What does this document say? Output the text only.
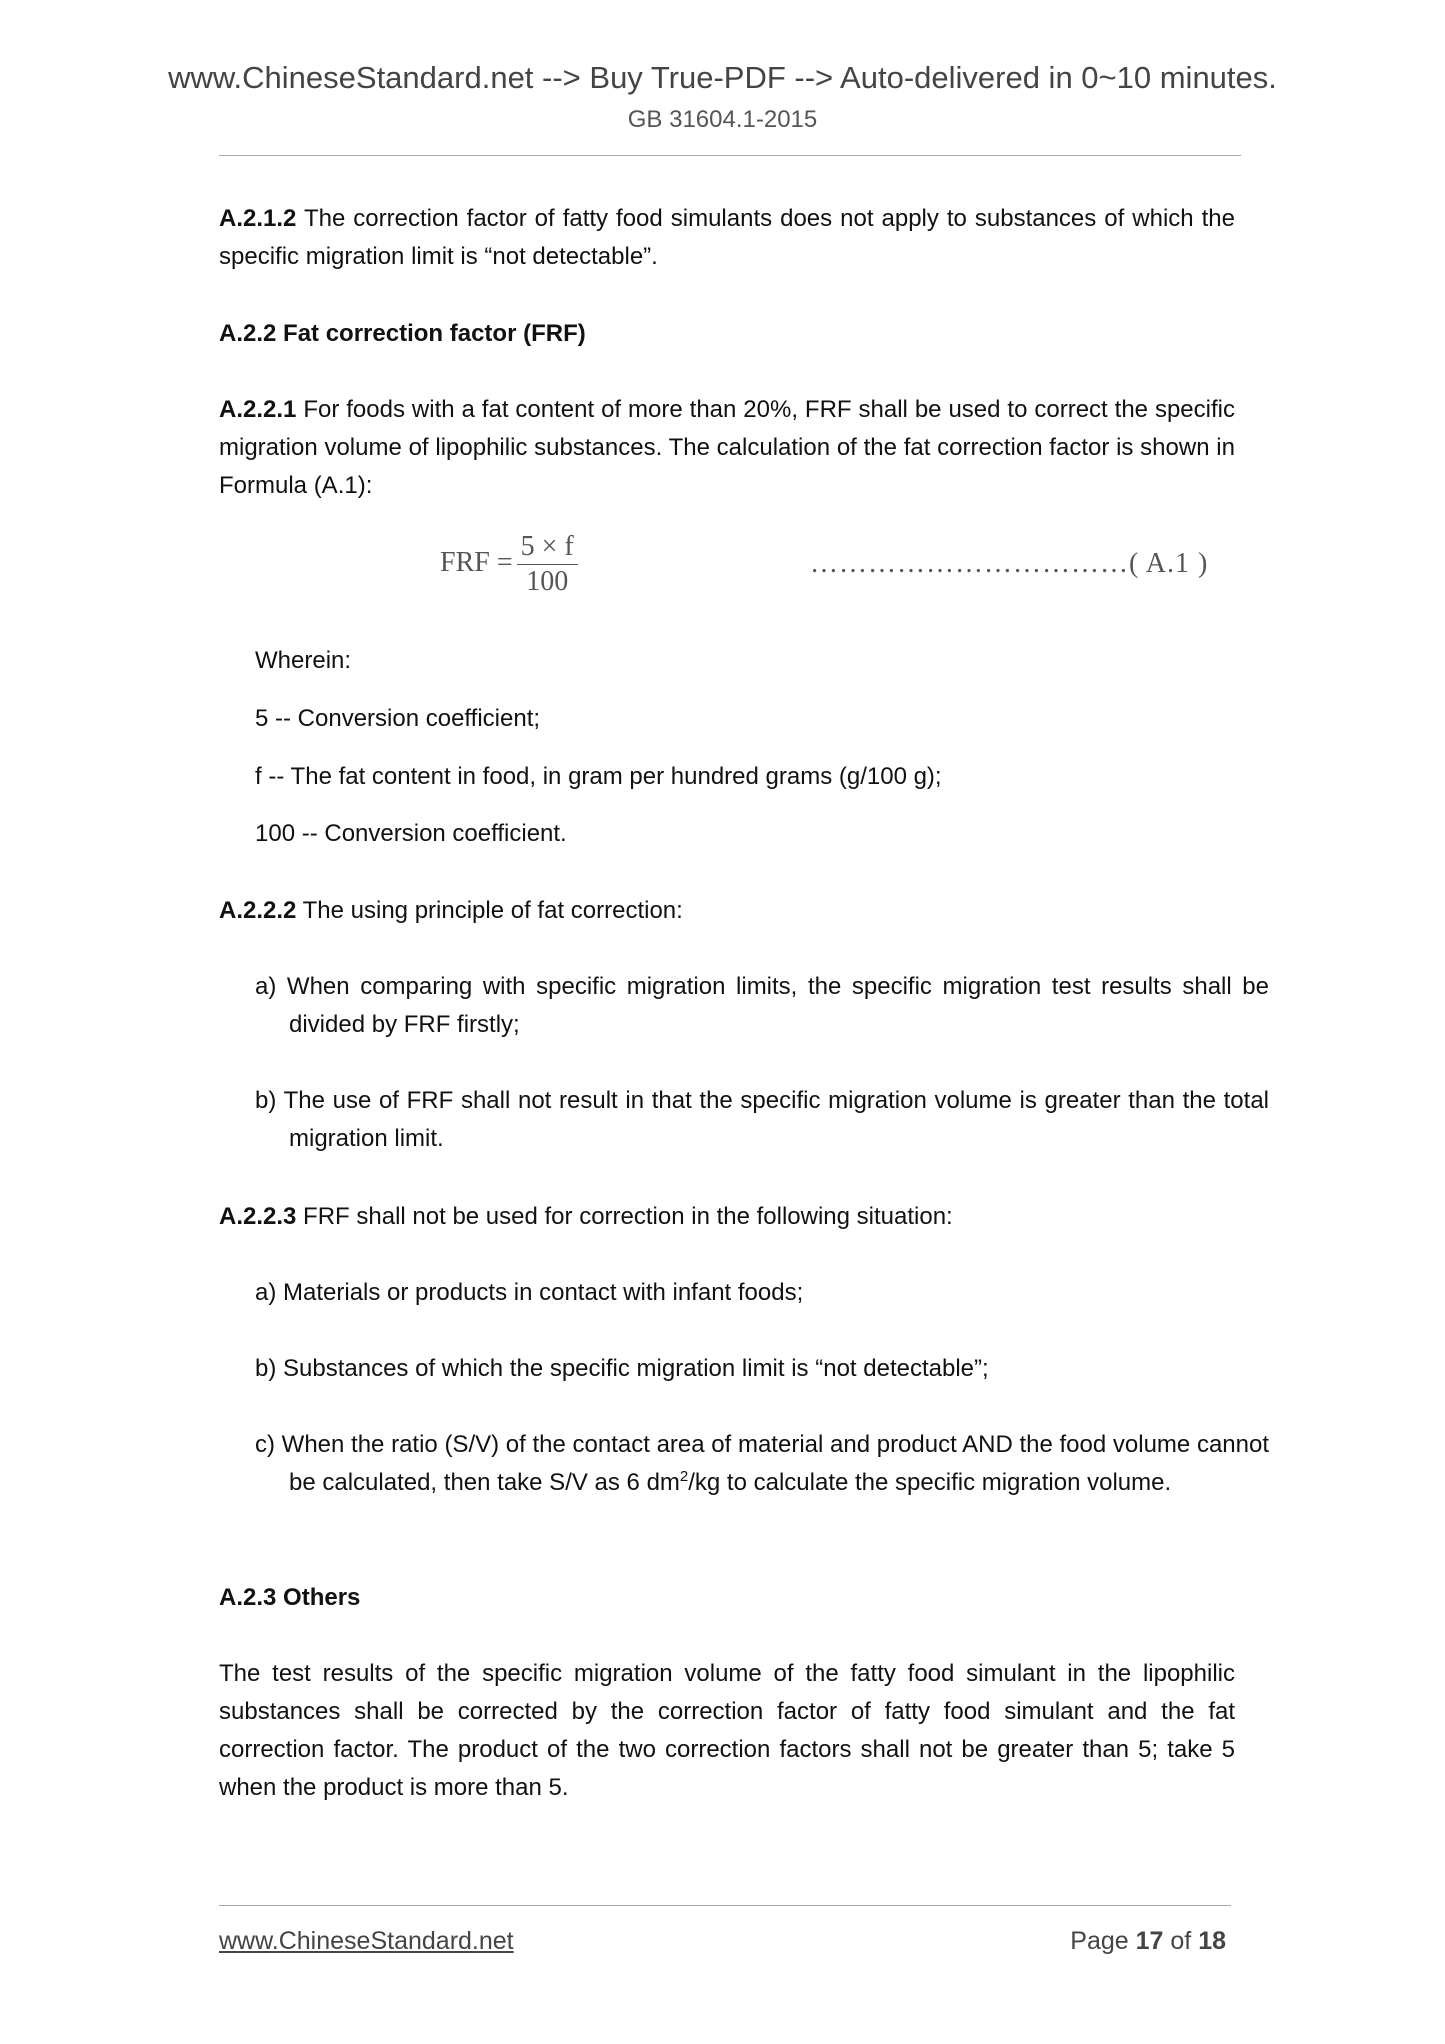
www.ChineseStandard.net --> Buy True-PDF --> Auto-delivered in 0~10 minutes.
GB 31604.1-2015
A.2.1.2 The correction factor of fatty food simulants does not apply to substances of which the specific migration limit is “not detectable”.
A.2.2 Fat correction factor (FRF)
A.2.2.1 For foods with a fat content of more than 20%, FRF shall be used to correct the specific migration volume of lipophilic substances. The calculation of the fat correction factor is shown in Formula (A.1):
FRF = $\frac{5 \times f}{100}$	……………………………( A.1 )
Wherein:
5 -- Conversion coefficient;
f -- The fat content in food, in gram per hundred grams (g/100 g);
100 -- Conversion coefficient.
A.2.2.2 The using principle of fat correction:
a) When comparing with specific migration limits, the specific migration test results shall be divided by FRF firstly;
b) The use of FRF shall not result in that the specific migration volume is greater than the total migration limit.
A.2.2.3 FRF shall not be used for correction in the following situation:
a) Materials or products in contact with infant foods;
b) Substances of which the specific migration limit is “not detectable”;
c) When the ratio (S/V) of the contact area of material and product AND the food volume cannot be calculated, then take S/V as 6 $dm^2/kg$ to calculate the specific migration volume.
A.2.3 Others
The test results of the specific migration volume of the fatty food simulant in the lipophilic substances shall be corrected by the correction factor of fatty food simulant and the fat correction factor. The product of the two correction factors shall not be greater than 5; take 5 when the product is more than 5.
www.ChineseStandard.net	Page 17 of 18
